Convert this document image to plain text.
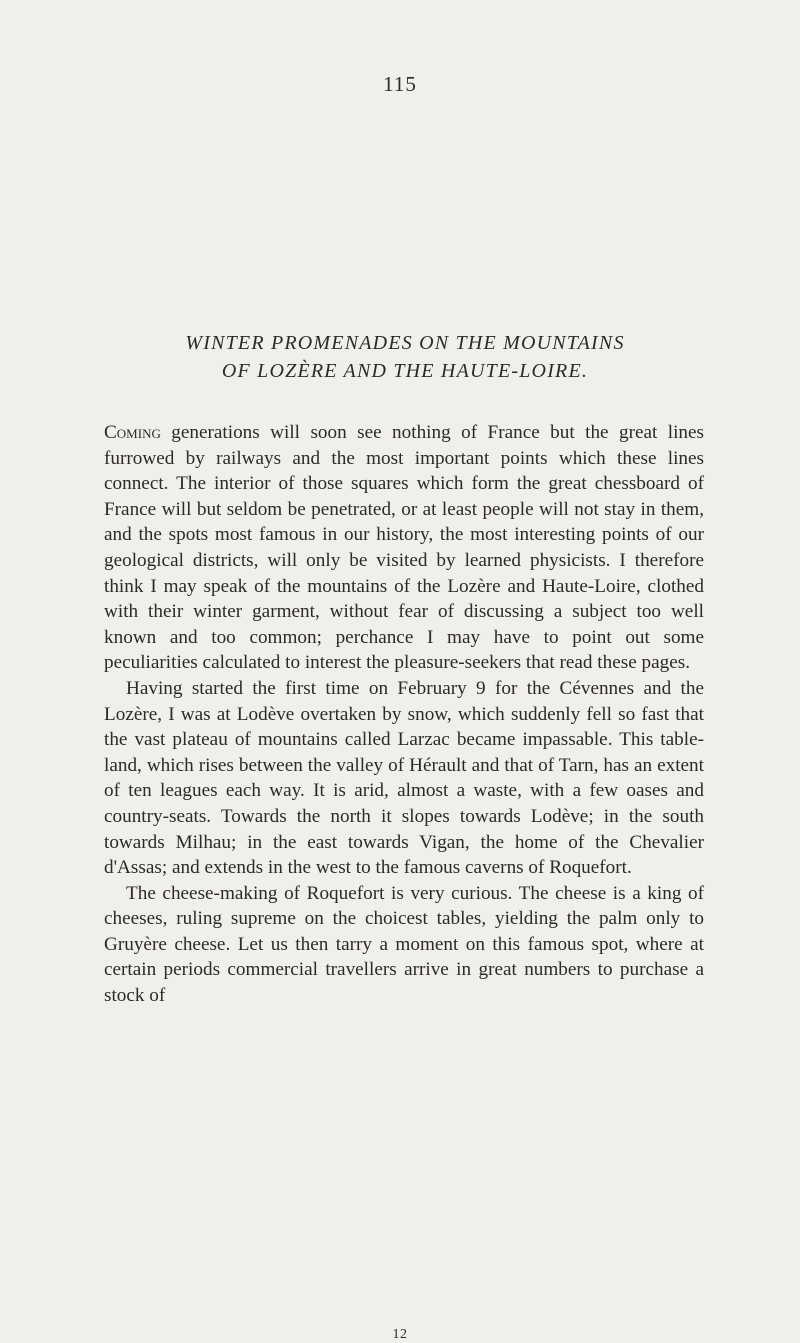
115
WINTER PROMENADES ON THE MOUNTAINS
OF LOZÈRE AND THE HAUTE-LOIRE.

Coming generations will soon see nothing of France but the great lines furrowed by railways and the most important points which these lines connect. The interior of those squares which form the great chessboard of France will but seldom be penetrated, or at least people will not stay in them, and the spots most famous in our history, the most interesting points of our geological districts, will only be visited by learned physicists. I therefore think I may speak of the mountains of the Lozère and Haute-Loire, clothed with their winter garment, without fear of discussing a subject too well known and too common; perchance I may have to point out some peculiarities calculated to interest the pleasure-seekers that read these pages.

Having started the first time on February 9 for the Cévennes and the Lozère, I was at Lodève overtaken by snow, which suddenly fell so fast that the vast plateau of mountains called Larzac became impassable. This table-land, which rises between the valley of Hérault and that of Tarn, has an extent of ten leagues each way. It is arid, almost a waste, with a few oases and country-seats. Towards the north it slopes towards Lodève; in the south towards Milhau; in the east towards Vigan, the home of the Chevalier d'Assas; and extends in the west to the famous caverns of Roquefort.

The cheese-making of Roquefort is very curious. The cheese is a king of cheeses, ruling supreme on the choicest tables, yielding the palm only to Gruyère cheese. Let us then tarry a moment on this famous spot, where at certain periods commercial travellers arrive in great numbers to purchase a stock of

12
